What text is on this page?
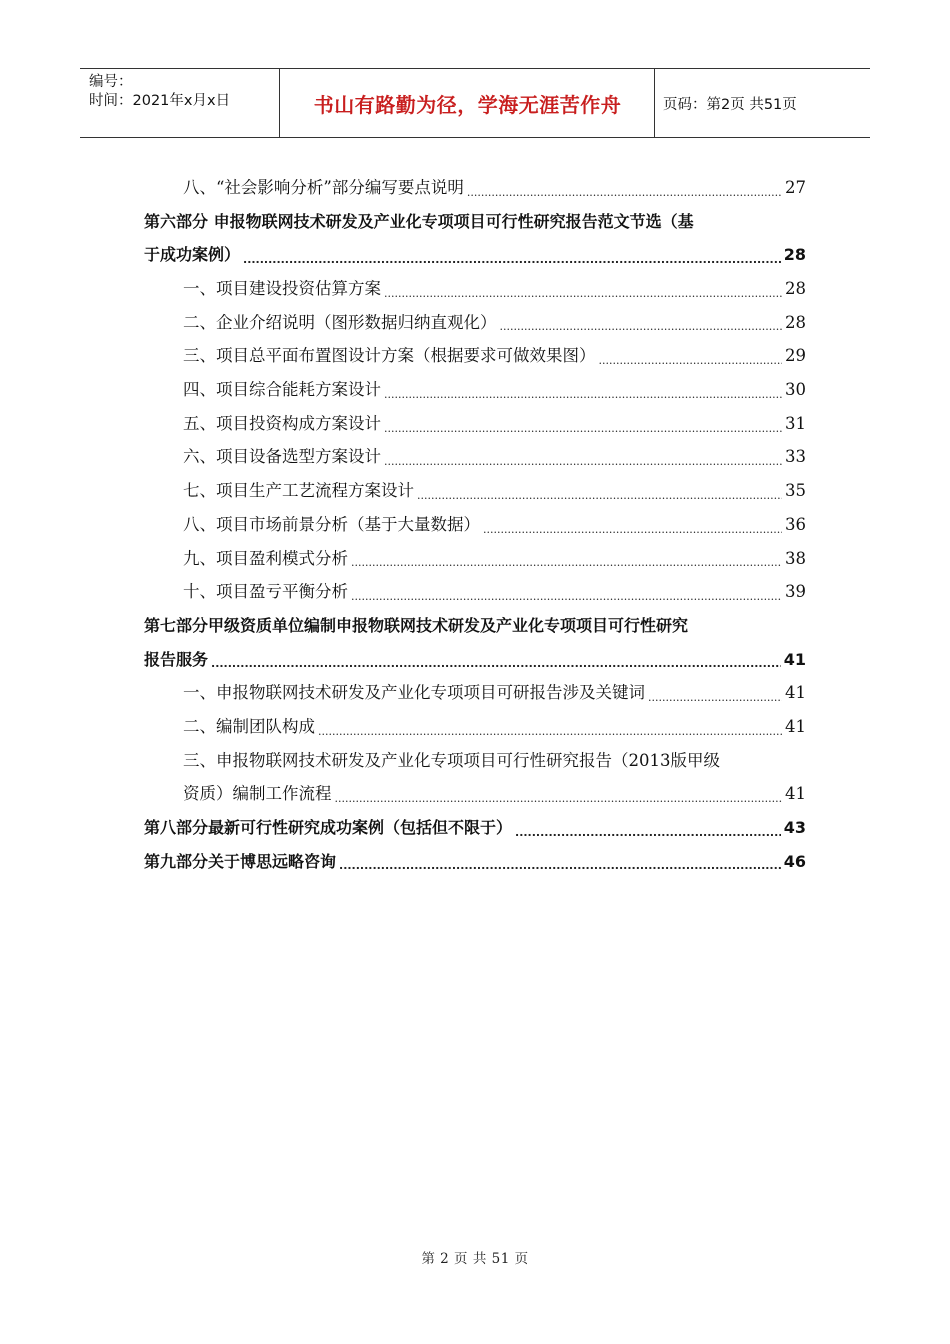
编号：
时间：2021年x月x日	书山有路勤为径，学海无涯苦作舟	页码：第2页 共51页
八、“社会影响分析”部分编写要点说明 .....	27
第六部分 申报物联网技术研发及产业化专项项目可行性研究报告范文节选（基
于成功案例） .....	28
一、项目建设投资估算方案 .....	28
二、企业介绍说明（图形数据归纳直观化） .....	28
三、项目总平面布置图设计方案（根据要求可做效果图） .....	29
四、项目综合能耗方案设计 .....	30
五、项目投资构成方案设计 .....	31
六、项目设备选型方案设计 .....	33
七、项目生产工艺流程方案设计 .....	35
八、项目市场前景分析（基于大量数据） .....	36
九、项目盈利模式分析 .....	38
十、项目盈亏平衡分析 .....	39
第七部分甲级资质单位编制申报物联网技术研发及产业化专项项目可行性研究
报告服务 .....	41
一、申报物联网技术研发及产业化专项项目可研报告涉及关键词 .....	41
二、编制团队构成 .....	41
三、申报物联网技术研发及产业化专项项目可行性研究报告（2013版甲级
资质）编制工作流程 .....	41
第八部分最新可行性研究成功案例（包括但不限于） .....	43
第九部分关于博思远略咨询 .....	46
第 2 页 共 51 页
